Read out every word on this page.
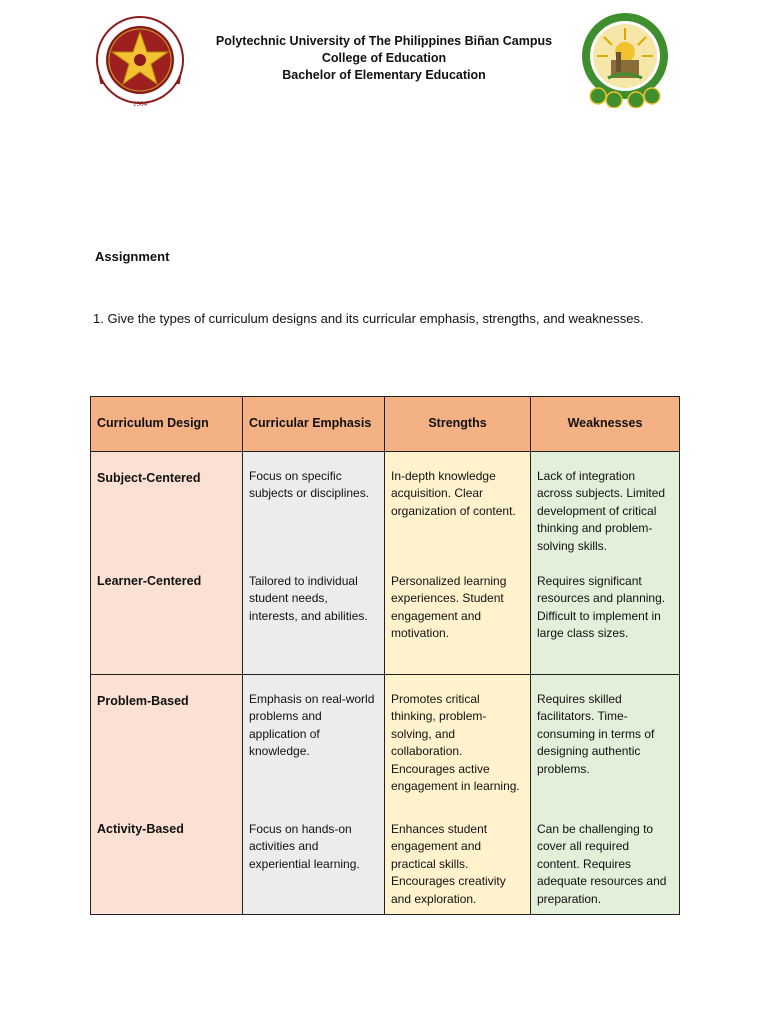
1904
Polytechnic University of The Philippines Biñan Campus
College of Education
Bachelor of Elementary Education
Assignment
1. Give the types of curriculum designs and its curricular emphasis, strengths, and weaknesses.
Curriculum Design	Curricular Emphasis	Strengths	Weaknesses
Subject-Centered	Focus on specific subjects or disciplines.	In-depth knowledge acquisition. Clear organization of content.	Lack of integration across subjects. Limited development of critical thinking and problem-solving skills.
Learner-Centered	Tailored to individual student needs, interests, and abilities.	Personalized learning experiences. Student engagement and motivation.	Requires significant resources and planning. Difficult to implement in large class sizes.
Problem-Based	Emphasis on real-world problems and application of knowledge.	Promotes critical thinking, problem-solving, and collaboration. Encourages active engagement in learning.	Requires skilled facilitators. Time-consuming in terms of designing authentic problems.
Activity-Based	Focus on hands-on activities and experiential learning.	Enhances student engagement and practical skills. Encourages creativity and exploration.	Can be challenging to cover all required content. Requires adequate resources and preparation.
